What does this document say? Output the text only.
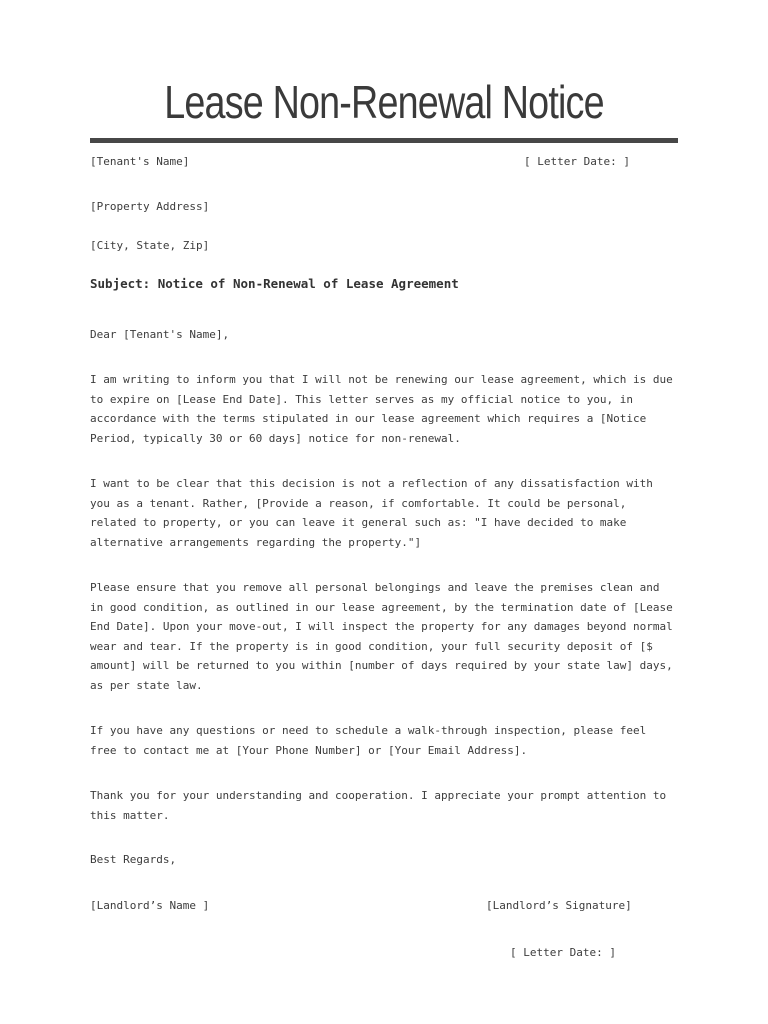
Lease Non-Renewal Notice
[Tenant's Name]	[ Letter Date: ]
[Property Address]
[City, State, Zip]
Subject: Notice of Non-Renewal of Lease Agreement
Dear [Tenant's Name],
I am writing to inform you that I will not be renewing our lease agreement, which is due to expire on [Lease End Date]. This letter serves as my official notice to you, in accordance with the terms stipulated in our lease agreement which requires a [Notice Period, typically 30 or 60 days] notice for non-renewal.
I want to be clear that this decision is not a reflection of any dissatisfaction with you as a tenant. Rather, [Provide a reason, if comfortable. It could be personal, related to property, or you can leave it general such as: "I have decided to make alternative arrangements regarding the property."]
Please ensure that you remove all personal belongings and leave the premises clean and in good condition, as outlined in our lease agreement, by the termination date of [Lease End Date]. Upon your move-out, I will inspect the property for any damages beyond normal wear and tear. If the property is in good condition, your full security deposit of [$ amount] will be returned to you within [number of days required by your state law] days, as per state law.
If you have any questions or need to schedule a walk-through inspection, please feel free to contact me at [Your Phone Number] or [Your Email Address].
Thank you for your understanding and cooperation. I appreciate your prompt attention to this matter.
Best Regards,
[Landlord’s Name ]	[Landlord’s Signature]
[ Letter Date: ]
